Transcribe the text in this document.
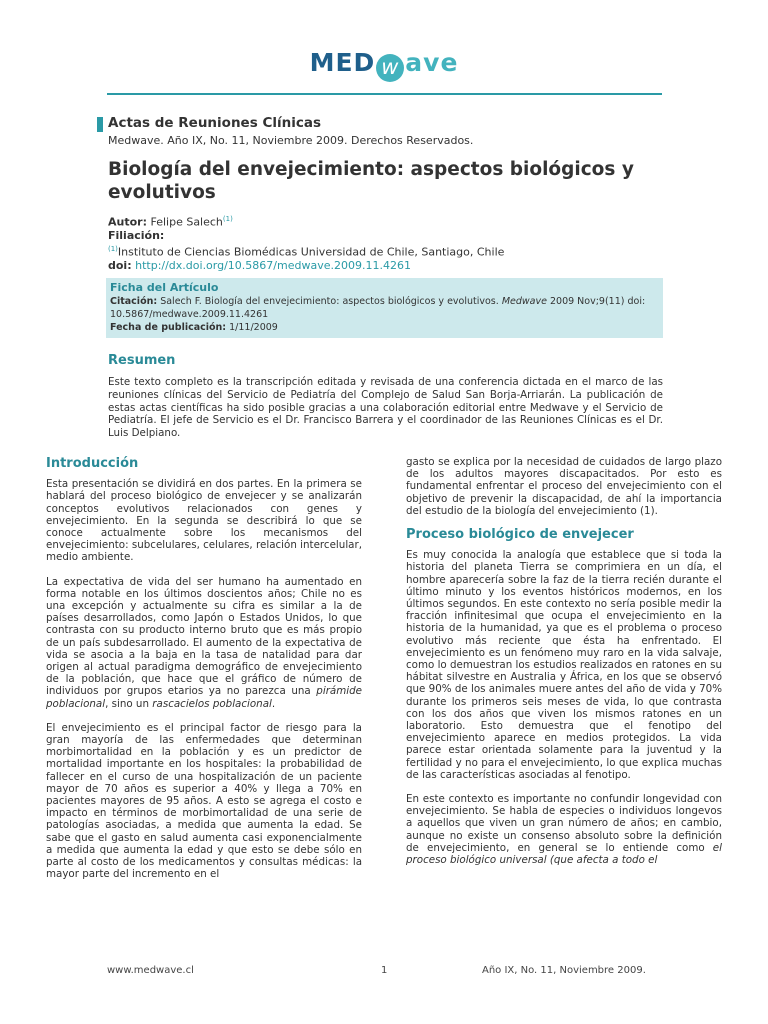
MED w ave
Actas de Reuniones Clínicas
Medwave. Año IX, No. 11, Noviembre 2009. Derechos Reservados.
Biología del envejecimiento: aspectos biológicos y evolutivos
Autor: Felipe Salech$^{(1)}$
Filiación:
$^{(1)}$Instituto de Ciencias Biomédicas Universidad de Chile, Santiago, Chile
doi: http://dx.doi.org/10.5867/medwave.2009.11.4261
Ficha del Artículo
Citación: Salech F. Biología del envejecimiento: aspectos biológicos y evolutivos. Medwave 2009 Nov;9(11) doi: 10.5867/medwave.2009.11.4261
Fecha de publicación: 1/11/2009
Resumen
Este texto completo es la transcripción editada y revisada de una conferencia dictada en el marco de las reuniones clínicas del Servicio de Pediatría del Complejo de Salud San Borja-Arriarán. La publicación de estas actas científicas ha sido posible gracias a una colaboración editorial entre Medwave y el Servicio de Pediatría. El jefe de Servicio es el Dr. Francisco Barrera y el coordinador de las Reuniones Clínicas es el Dr. Luis Delpiano.
Introducción

Esta presentación se dividirá en dos partes. En la primera se hablará del proceso biológico de envejecer y se analizarán conceptos evolutivos relacionados con genes y envejecimiento. En la segunda se describirá lo que se conoce actualmente sobre los mecanismos del envejecimiento: subcelulares, celulares, relación intercelular, medio ambiente.

La expectativa de vida del ser humano ha aumentado en forma notable en los últimos doscientos años; Chile no es una excepción y actualmente su cifra es similar a la de países desarrollados, como Japón o Estados Unidos, lo que contrasta con su producto interno bruto que es más propio de un país subdesarrollado. El aumento de la expectativa de vida se asocia a la baja en la tasa de natalidad para dar origen al actual paradigma demográfico de envejecimiento de la población, que hace que el gráfico de número de individuos por grupos etarios ya no parezca una pirámide poblacional, sino un rascacielos poblacional.

El envejecimiento es el principal factor de riesgo para la gran mayoría de las enfermedades que determinan morbimortalidad en la población y es un predictor de mortalidad importante en los hospitales: la probabilidad de fallecer en el curso de una hospitalización de un paciente mayor de 70 años es superior a 40% y llega a 70% en pacientes mayores de 95 años. A esto se agrega el costo e impacto en términos de morbimortalidad de una serie de patologías asociadas, a medida que aumenta la edad. Se sabe que el gasto en salud aumenta casi exponencialmente a medida que aumenta la edad y que esto se debe sólo en parte al costo de los medicamentos y consultas médicas: la mayor parte del incremento en el

gasto se explica por la necesidad de cuidados de largo plazo de los adultos mayores discapacitados. Por esto es fundamental enfrentar el proceso del envejecimiento con el objetivo de prevenir la discapacidad, de ahí la importancia del estudio de la biología del envejecimiento (1).

Proceso biológico de envejecer

Es muy conocida la analogía que establece que si toda la historia del planeta Tierra se comprimiera en un día, el hombre aparecería sobre la faz de la tierra recién durante el último minuto y los eventos históricos modernos, en los últimos segundos. En este contexto no sería posible medir la fracción infinitesimal que ocupa el envejecimiento en la historia de la humanidad, ya que es el problema o proceso evolutivo más reciente que ésta ha enfrentado. El envejecimiento es un fenómeno muy raro en la vida salvaje, como lo demuestran los estudios realizados en ratones en su hábitat silvestre en Australia y África, en los que se observó que 90% de los animales muere antes del año de vida y 70% durante los primeros seis meses de vida, lo que contrasta con los dos años que viven los mismos ratones en un laboratorio. Esto demuestra que el fenotipo del envejecimiento aparece en medios protegidos. La vida parece estar orientada solamente para la juventud y la fertilidad y no para el envejecimiento, lo que explica muchas de las características asociadas al fenotipo.

En este contexto es importante no confundir longevidad con envejecimiento. Se habla de especies o individuos longevos a aquellos que viven un gran número de años; en cambio, aunque no existe un consenso absoluto sobre la definición de envejecimiento, en general se lo entiende como el proceso biológico universal (que afecta a todo el

www.medwave.cl	1	Año IX, No. 11, Noviembre 2009.
